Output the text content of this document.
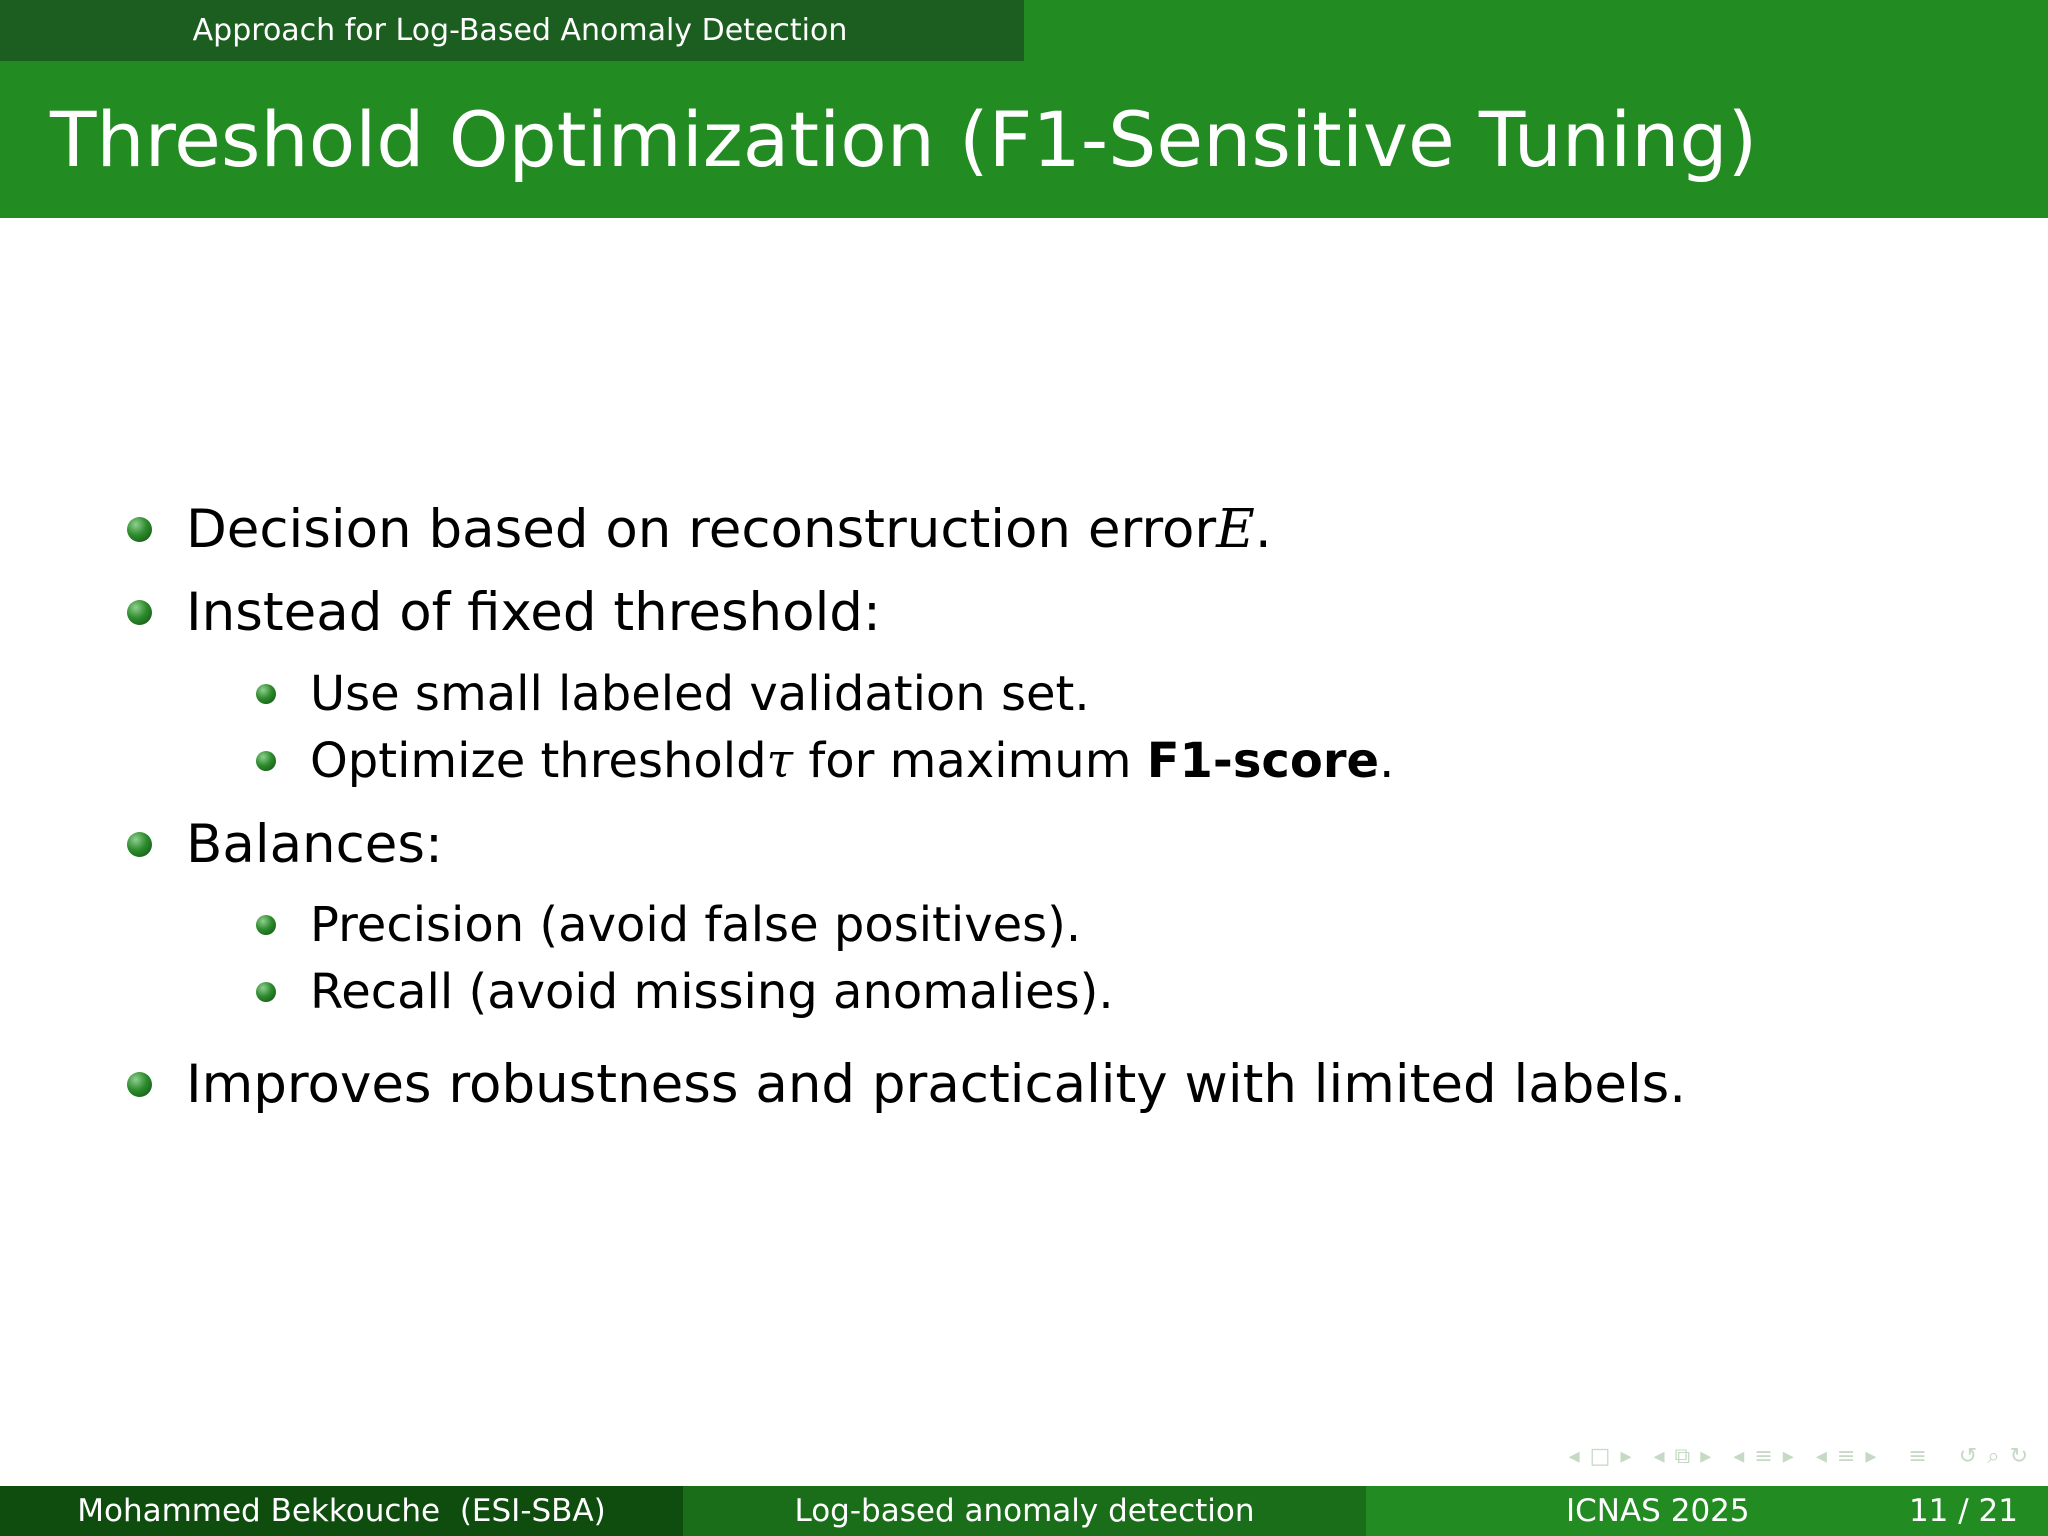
Approach for Log-Based Anomaly Detection
Threshold Optimization (F1-Sensitive Tuning)
Decision based on reconstruction error E .
Instead of fixed threshold:
Use small labeled validation set.
Optimize threshold τ for maximum F1-score .
Balances:
Precision (avoid false positives).
Recall (avoid missing anomalies).
Improves robustness and practicality with limited labels.
◂ □ ▸ ◂ ⧉ ▸ ◂ ≡ ▸ ◂ ≡ ▸ ≡ ↺ ⌕ ↻
Mohammed Bekkouche  (ESI-SBA)	Log-based anomaly detection	ICNAS 2025	11 / 21
